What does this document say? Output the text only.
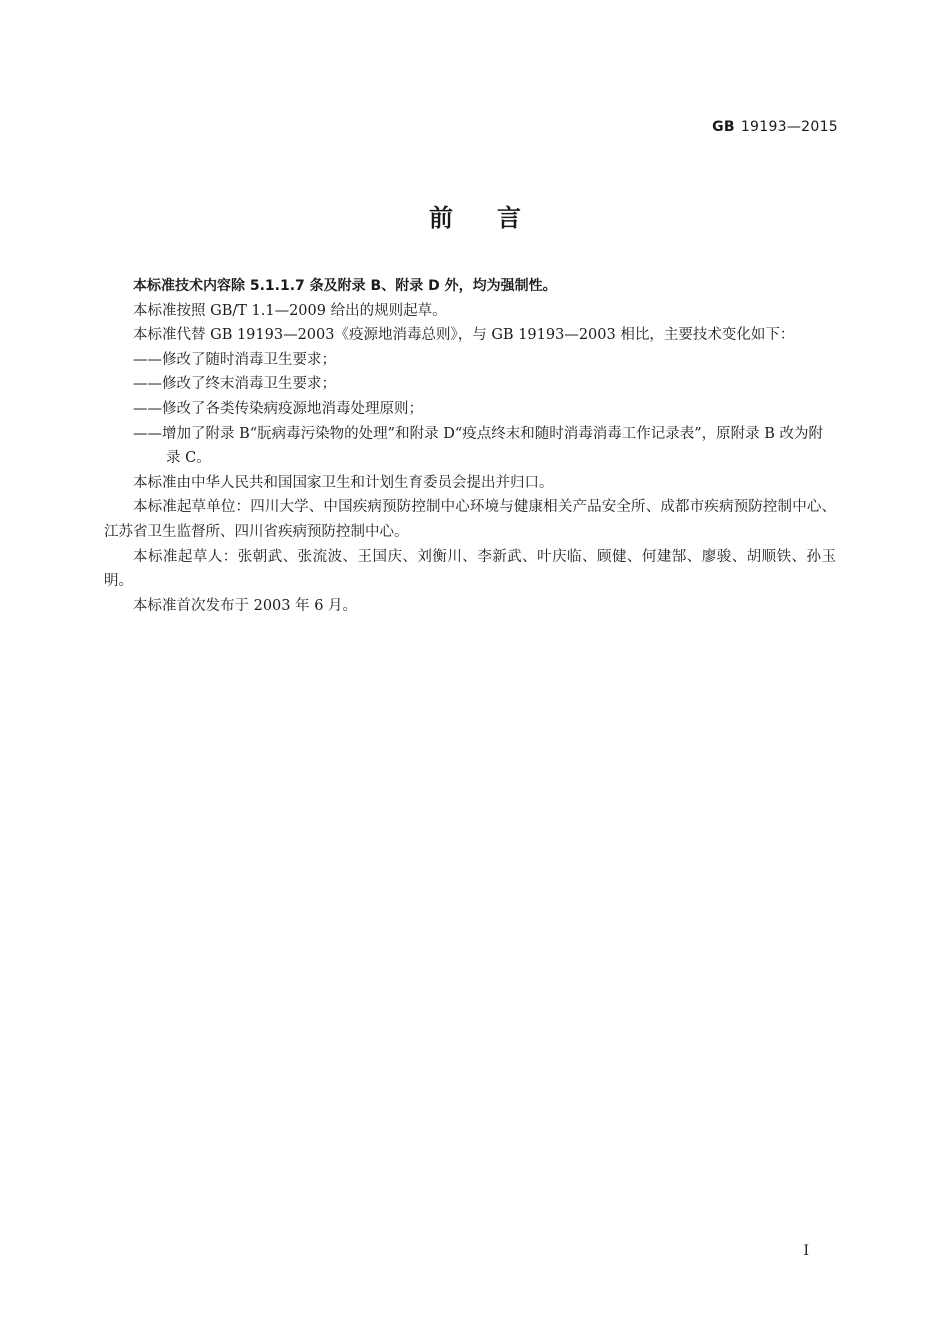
GB 19193—2015
前言

本标准技术内容除 5.1.1.7 条及附录 B、附录 D 外，均为强制性。

本标准按照 GB/T 1.1—2009 给出的规则起草。

本标准代替 GB 19193—2003《疫源地消毒总则》，与 GB 19193—2003 相比，主要技术变化如下：

——修改了随时消毒卫生要求；

——修改了终末消毒卫生要求；

——修改了各类传染病疫源地消毒处理原则；

——增加了附录 B“朊病毒污染物的处理”和附录 D“疫点终末和随时消毒消毒工作记录表”，原附录 B 改为附录 C。

本标准由中华人民共和国国家卫生和计划生育委员会提出并归口。

本标准起草单位：四川大学、中国疾病预防控制中心环境与健康相关产品安全所、成都市疾病预防控制中心、江苏省卫生监督所、四川省疾病预防控制中心。

本标准起草人：张朝武、张流波、王国庆、刘衡川、李新武、叶庆临、顾健、何建郜、廖骏、胡顺铁、孙玉明。

本标准首次发布于 2003 年 6 月。

I
